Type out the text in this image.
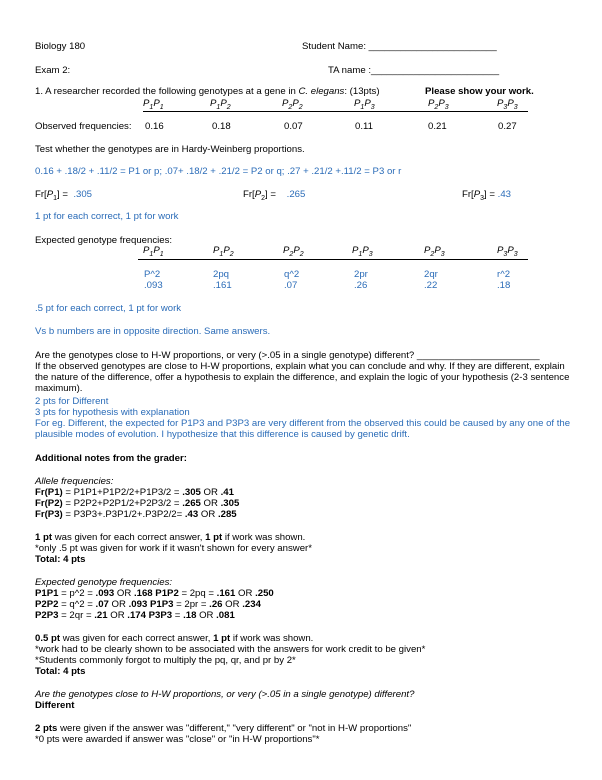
Biology 180	Student Name: ________________________
Exam 2:	TA name :________________________
1. A researcher recorded the following genotypes at a gene in C. elegans: (13pts)	Please show your work.
$P_1P_1$	$P_1P_2$	$P_2P_2$	$P_1P_3$	$P_2P_3$	$P_3P_3$
Observed frequencies: 0.16	0.18	0.07	0.11	0.21	0.27
Test whether the genotypes are in Hardy-Weinberg proportions.
0.16 + .18/2 + .11/2 = P1 or p; .07+ .18/2 + .21/2 = P2 or q; .27 + .21/2 +.11/2 = P3 or r
$Fr[P_1] = .305$	$Fr[P_2] = .265$	$Fr[P_3] = .43$
1 pt for each correct, 1 pt for work
Expected genotype frequencies:
$P_1P_1$	$P_1P_2$	$P_2P_2$	$P_1P_3$	$P_2P_3$	$P_3P_3$
P^2	2pq	q^2	2pr	2qr	r^2
.093	.161	.07	.26	.22	.18
.5 pt for each correct, 1 pt for work
Vs b numbers are in opposite direction. Same answers.
Are the genotypes close to H-W proportions, or very (>.05 in a single genotype) different? _______________________
If the observed genotypes are close to H-W proportions, explain what you can conclude and why. If they are different, explain the nature of the difference, offer a hypothesis to explain the difference, and explain the logic of your hypothesis (2-3 sentence maximum).
2 pts for Different
3 pts for hypothesis with explanation
For eg. Different, the expected for P1P3 and P3P3 are very different from the observed this could be caused by any one of the plausible modes of evolution. I hypothesize that this difference is caused by genetic drift.
Additional notes from the grader:
Allele frequencies:
Fr(P1) = P1P1+P1P2/2+P1P3/2 = .305 OR .41
Fr(P2) = P2P2+P2P1/2+P2P3/2 = .265 OR .305
Fr(P3) = P3P3+.P3P1/2+.P3P2/2= .43 OR .285
1 pt was given for each correct answer, 1 pt if work was shown.
*only .5 pt was given for work if it wasn't shown for every answer*
Total: 4 pts
Expected genotype frequencies:
P1P1 = p^2 = .093 OR .168 P1P2 = 2pq = .161 OR .250
P2P2 = q^2 = .07 OR .093 P1P3 = 2pr = .26 OR .234
P2P3 = 2qr = .21 OR .174 P3P3 = .18 OR .081
0.5 pt was given for each correct answer, 1 pt if work was shown.
*work had to be clearly shown to be associated with the answers for work credit to be given*
*Students commonly forgot to multiply the pq, qr, and pr by 2*
Total: 4 pts
Are the genotypes close to H-W proportions, or very (>.05 in a single genotype) different?
Different
2 pts were given if the answer was "different," "very different" or "not in H-W proportions"
*0 pts were awarded if answer was "close" or "in H-W proportions"*
